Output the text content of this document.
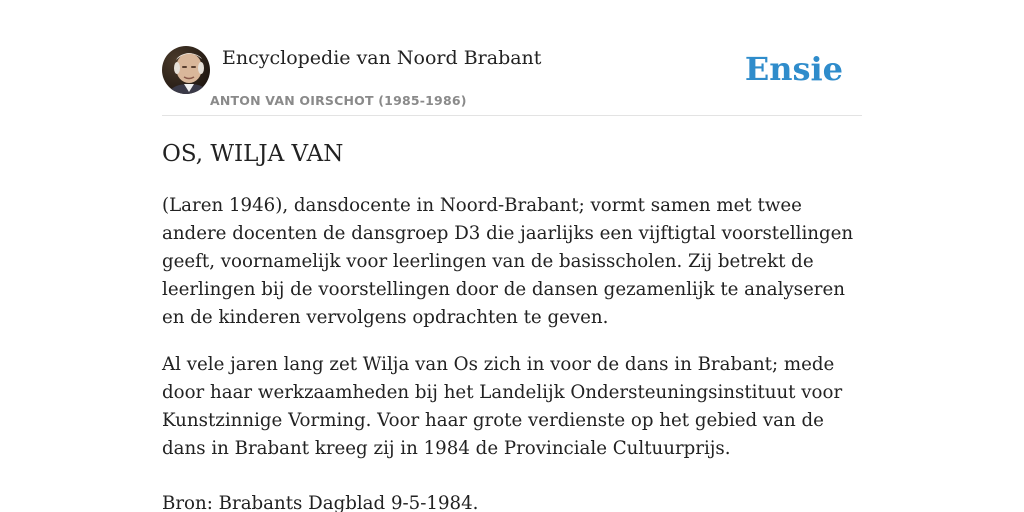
Encyclopedie van Noord Brabant
ANTON VAN OIRSCHOT (1985-1986)
Ensie
OS, WILJA VAN

(Laren 1946), dansdocente in Noord-Brabant; vormt samen met twee andere docenten de dansgroep D3 die jaarlijks een vijftigtal voorstellingen geeft, voornamelijk voor leerlingen van de basisscholen. Zij betrekt de leerlingen bij de voorstellingen door de dansen gezamenlijk te analyseren en de kinderen vervolgens opdrachten te geven.

Al vele jaren lang zet Wilja van Os zich in voor de dans in Brabant; mede door haar werkzaamheden bij het Landelijk Ondersteuningsinstituut voor Kunstzinnige Vorming. Voor haar grote verdienste op het gebied van de dans in Brabant kreeg zij in 1984 de Provinciale Cultuurprijs.

Bron: Brabants Dagblad 9-5-1984.
